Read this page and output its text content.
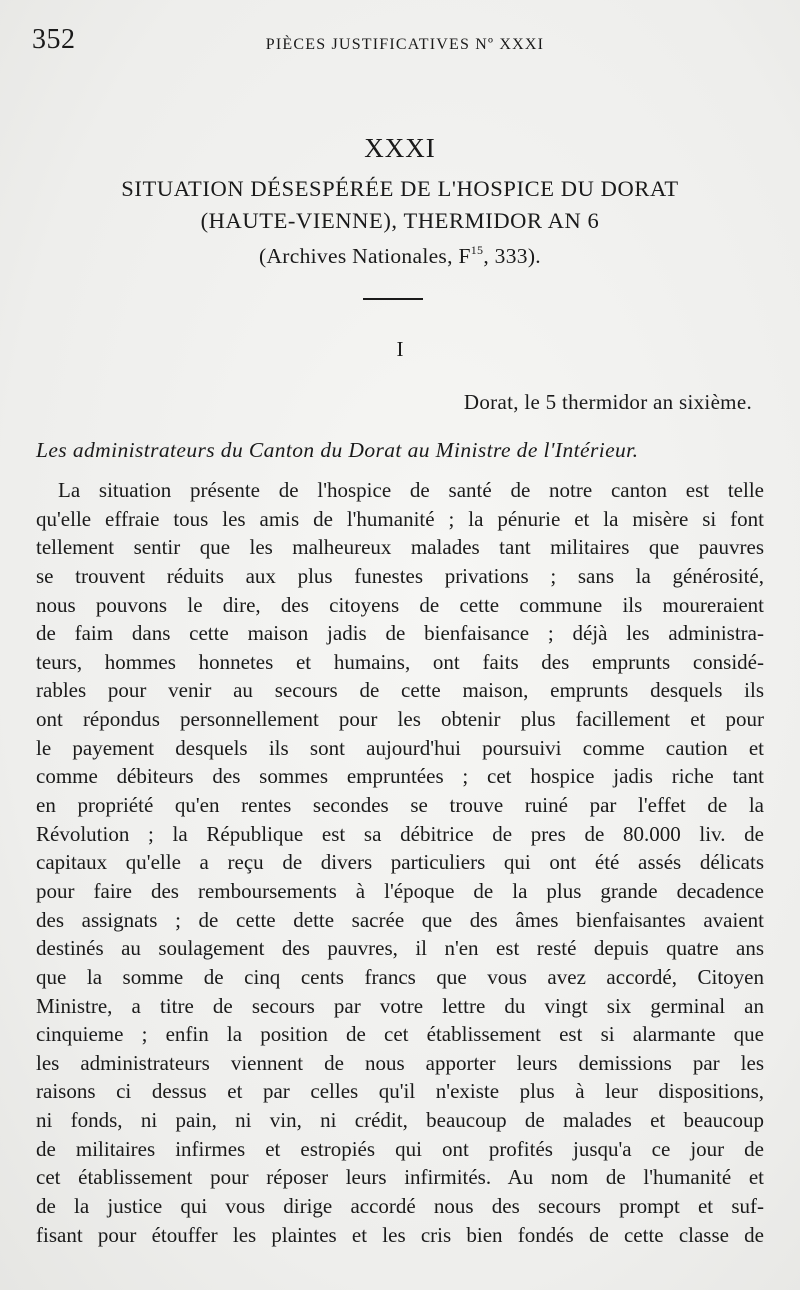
352	PIÈCES JUSTIFICATIVES Nº XXXI
XXXI
SITUATION DÉSESPÉRÉE DE L'HOSPICE DU DORAT
(HAUTE-VIENNE), THERMIDOR AN 6
(Archives Nationales, $F^{15}$, 333).
I
Dorat, le 5 thermidor an sixième.
Les administrateurs du Canton du Dorat au Ministre de l'Intérieur.
La situation présente de l'hospice de santé de notre canton est telle
qu'elle effraie tous les amis de l'humanité ; la pénurie et la misère si font
tellement sentir que les malheureux malades tant militaires que pauvres
se trouvent réduits aux plus funestes privations ; sans la générosité,
nous pouvons le dire, des citoyens de cette commune ils moureraient
de faim dans cette maison jadis de bienfaisance ; déjà les administra-
teurs, hommes honnetes et humains, ont faits des emprunts considé-
rables pour venir au secours de cette maison, emprunts desquels ils
ont répondus personnellement pour les obtenir plus facillement et pour
le payement desquels ils sont aujourd'hui poursuivi comme caution et
comme débiteurs des sommes empruntées ; cet hospice jadis riche tant
en propriété qu'en rentes secondes se trouve ruiné par l'effet de la
Révolution ; la République est sa débitrice de pres de 80.000 liv. de
capitaux qu'elle a reçu de divers particuliers qui ont été assés délicats
pour faire des remboursements à l'époque de la plus grande decadence
des assignats ; de cette dette sacrée que des âmes bienfaisantes avaient
destinés au soulagement des pauvres, il n'en est resté depuis quatre ans
que la somme de cinq cents francs que vous avez accordé, Citoyen
Ministre, a titre de secours par votre lettre du vingt six germinal an
cinquieme ; enfin la position de cet établissement est si alarmante que
les administrateurs viennent de nous apporter leurs demissions par les
raisons ci dessus et par celles qu'il n'existe plus à leur dispositions,
ni fonds, ni pain, ni vin, ni crédit, beaucoup de malades et beaucoup
de militaires infirmes et estropiés qui ont profités jusqu'a ce jour de
cet établissement pour réposer leurs infirmités. Au nom de l'humanité et
de la justice qui vous dirige accordé nous des secours prompt et suf-
fisant pour étouffer les plaintes et les cris bien fondés de cette classe de
